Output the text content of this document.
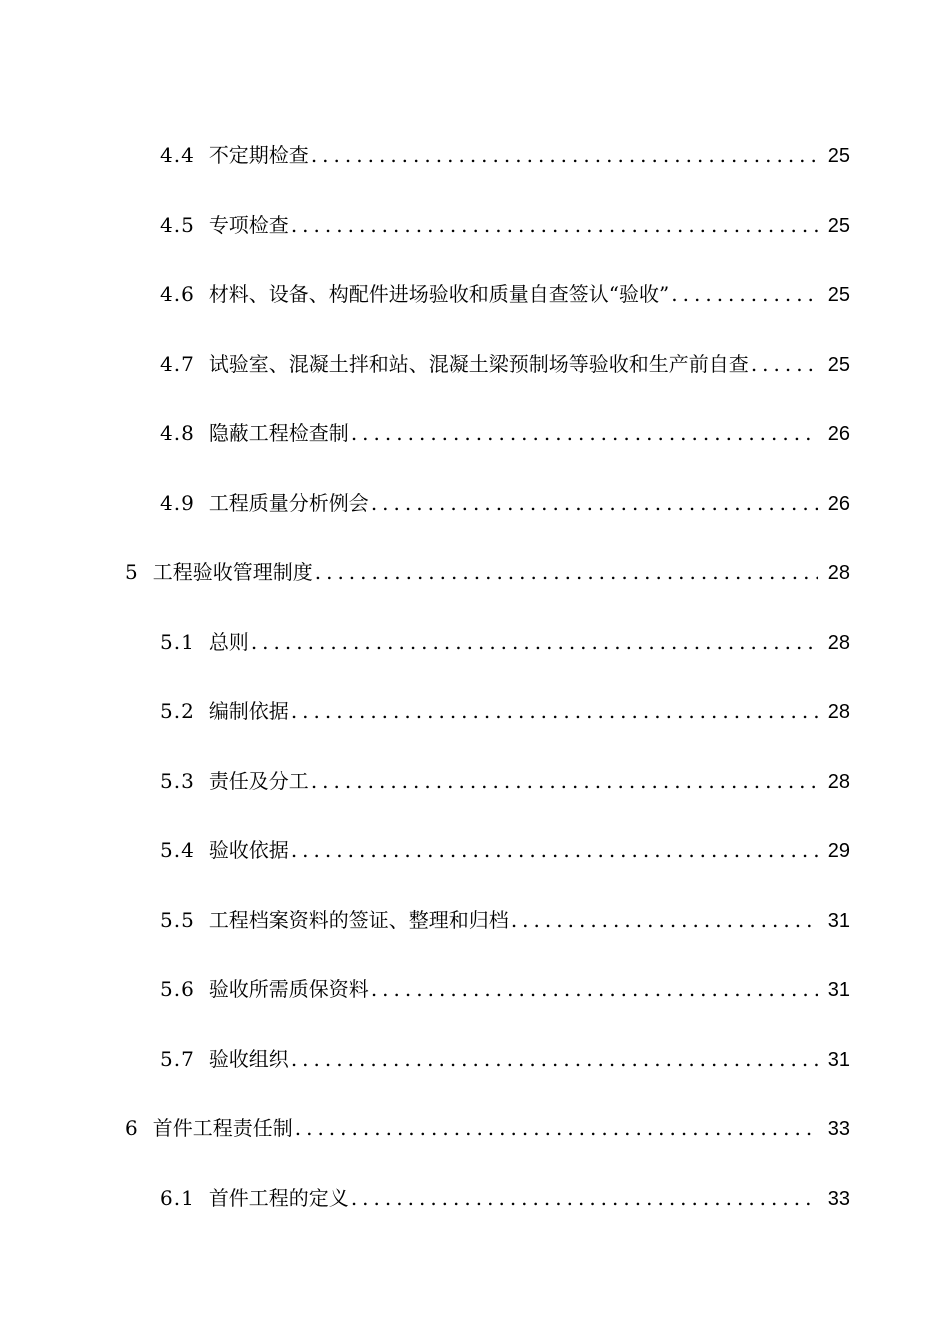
4.4 不定期检查 .....	25
4.5 专项检查 .....	25
4.6 材料、设备、构配件进场验收和质量自查签认“验收” .....	25
4.7 试验室、混凝土拌和站、混凝土梁预制场等验收和生产前自查 .....	25
4.8 隐蔽工程检查制 .....	26
4.9 工程质量分析例会 .....	26
5 工程验收管理制度 .....	28
5.1 总则 .....	28
5.2 编制依据 .....	28
5.3 责任及分工 .....	28
5.4 验收依据 .....	29
5.5 工程档案资料的签证、整理和归档 .....	31
5.6 验收所需质保资料 .....	31
5.7 验收组织 .....	31
6 首件工程责任制 .....	33
6.1 首件工程的定义 .....	33
